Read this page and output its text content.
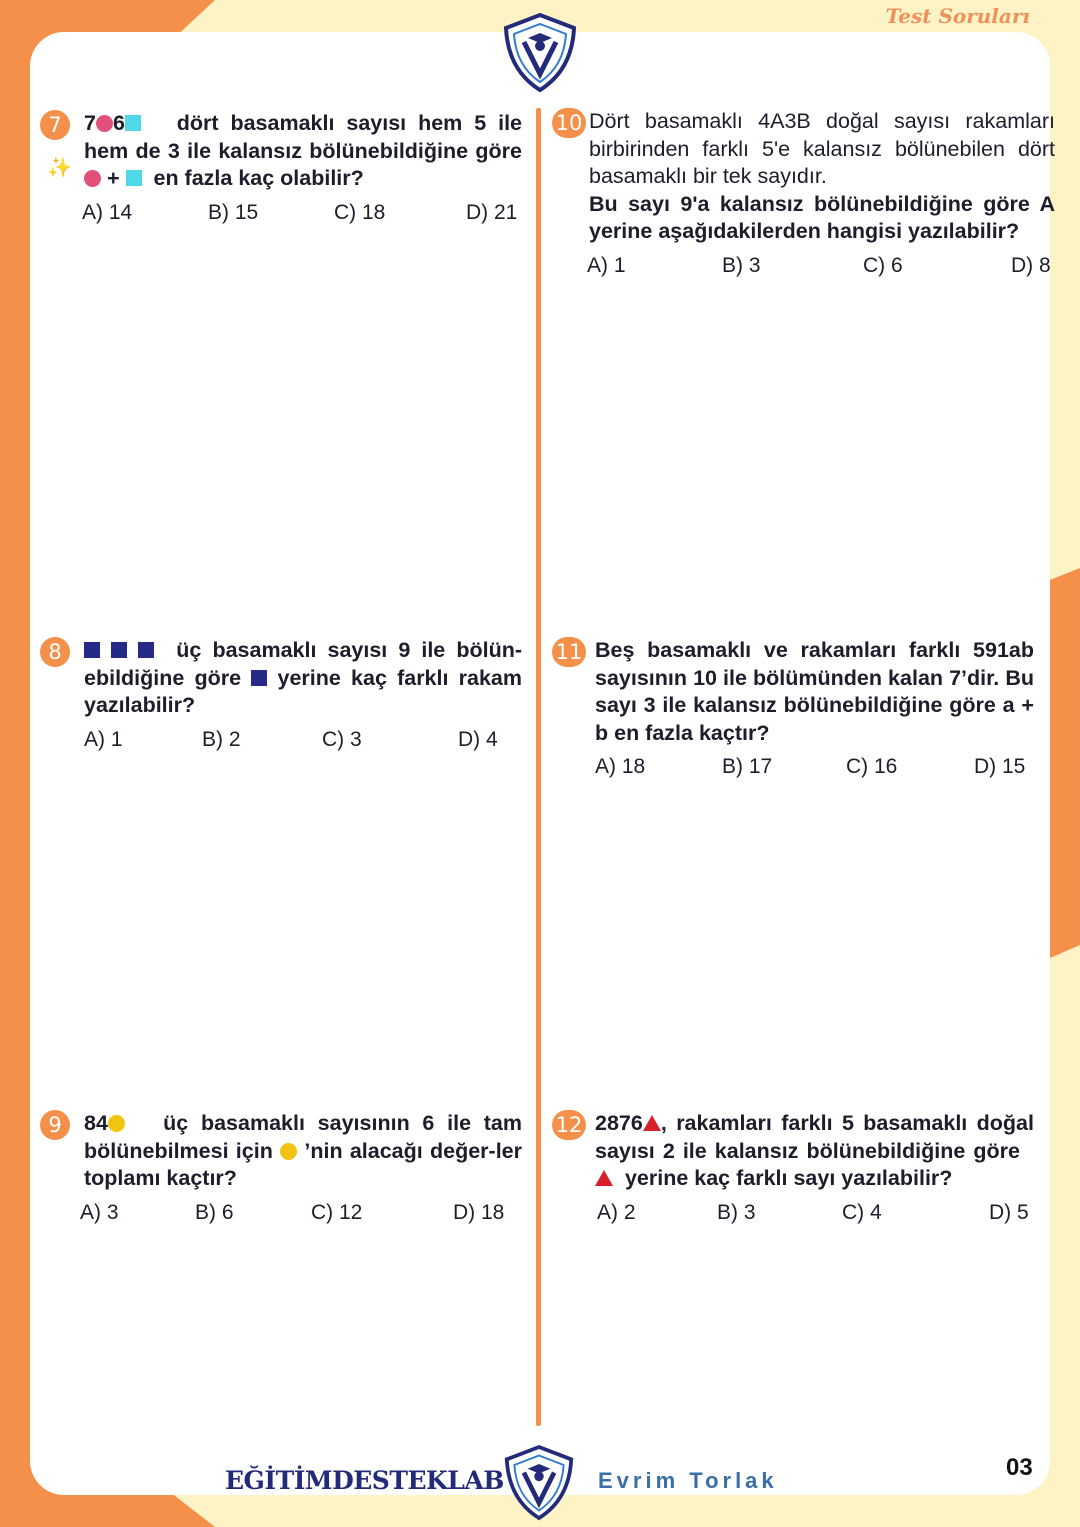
Test Soruları
✨
7	7 6 dört basamaklı sayısı hem 5 ile hem de 3 ile kalansız bölünebildiğine göre  + en fazla kaç olabilir?
A) 14	B) 15	C) 18	D) 21
8	üç basamaklı sayısı 9 ile bölün-ebildiğine göre yerine kaç farklı rakam yazılabilir?
A) 1	B) 2	C) 3	D) 4
9	84	üç basamaklı sayısının 6 ile tam bölünebilmesi için ’nin alacağı değer-ler toplamı kaçtır?
A) 3	B) 6	C) 12	D) 18
10 Dört basamaklı 4A3B doğal sayısı rakamları birbirinden farklı 5'e kalansız bölünebilen dört basamaklı bir tek sayıdır.
Bu sayı 9'a kalansız bölünebildiğine göre A yerine aşağıdakilerden hangisi yazılabilir?
A) 1	B) 3	C) 6	D) 8
11 Beş basamaklı ve rakamları farklı 591ab sayısının 10 ile bölümünden kalan 7’dir. Bu sayı 3 ile kalansız bölünebildiğine göre a + b en fazla kaçtır?
A) 18	B) 17	C) 16	D) 15
12 2876 , rakamları farklı 5 basamaklı doğal sayısı 2 ile kalansız bölünebildiğine göre    yerine kaç farklı sayı yazılabilir?
A) 2	B) 3	C) 4	D) 5
EĞİTİMDESTEKLAB	Evrim Torlak	03
